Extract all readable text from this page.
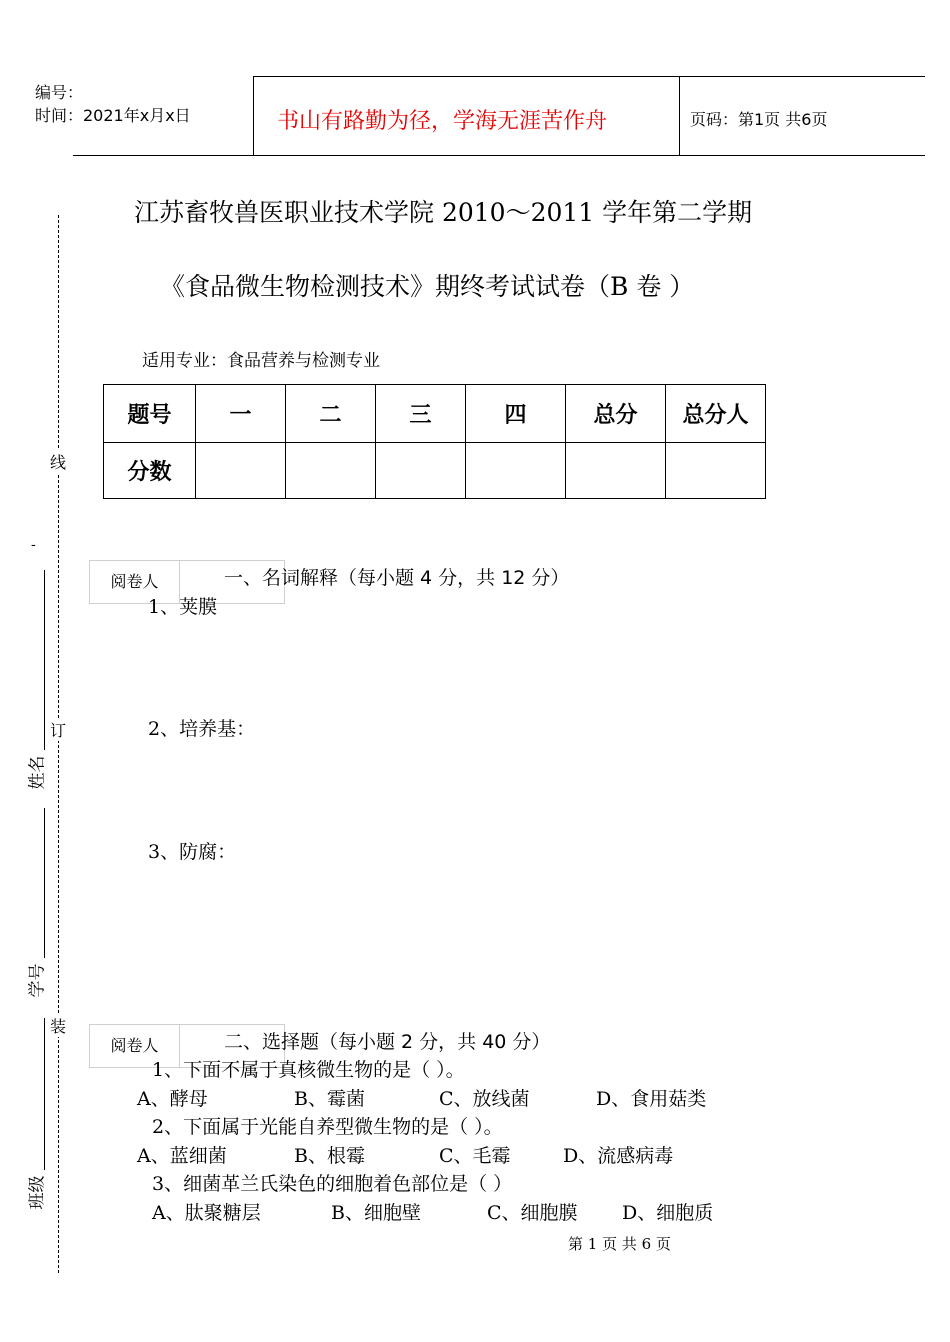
编号：
时间：2021年x月x日	书山有路勤为径，学海无涯苦作舟	页码：第1页 共6页
江苏畜牧兽医职业技术学院 2010～2011 学年第二学期
《食品微生物检测技术》期终考试试卷（B 卷 ）
适用专业：食品营养与检测专业
题号	一	二	三	四	总分	总分人
分数						
阅卷人	一、名词解释（每小题 4 分，共 12 分）
1、荚膜
2、培养基：
3、防腐：
阅卷人	二、选择题（每小题 2 分，共 40 分）
1、下面不属于真核微生物的是（ ）。
A、酵母	B、霉菌	C、放线菌	D、食用菇类
2、下面属于光能自养型微生物的是（ ）。
A、蓝细菌	B、根霉	C、毛霉	D、流感病毒
3、细菌革兰氏染色的细胞着色部位是（ ）
A、肽聚糖层	B、细胞壁	C、细胞膜 D、细胞质
第 1 页 共 6 页
线
订
装
-
姓名
学号
班级
